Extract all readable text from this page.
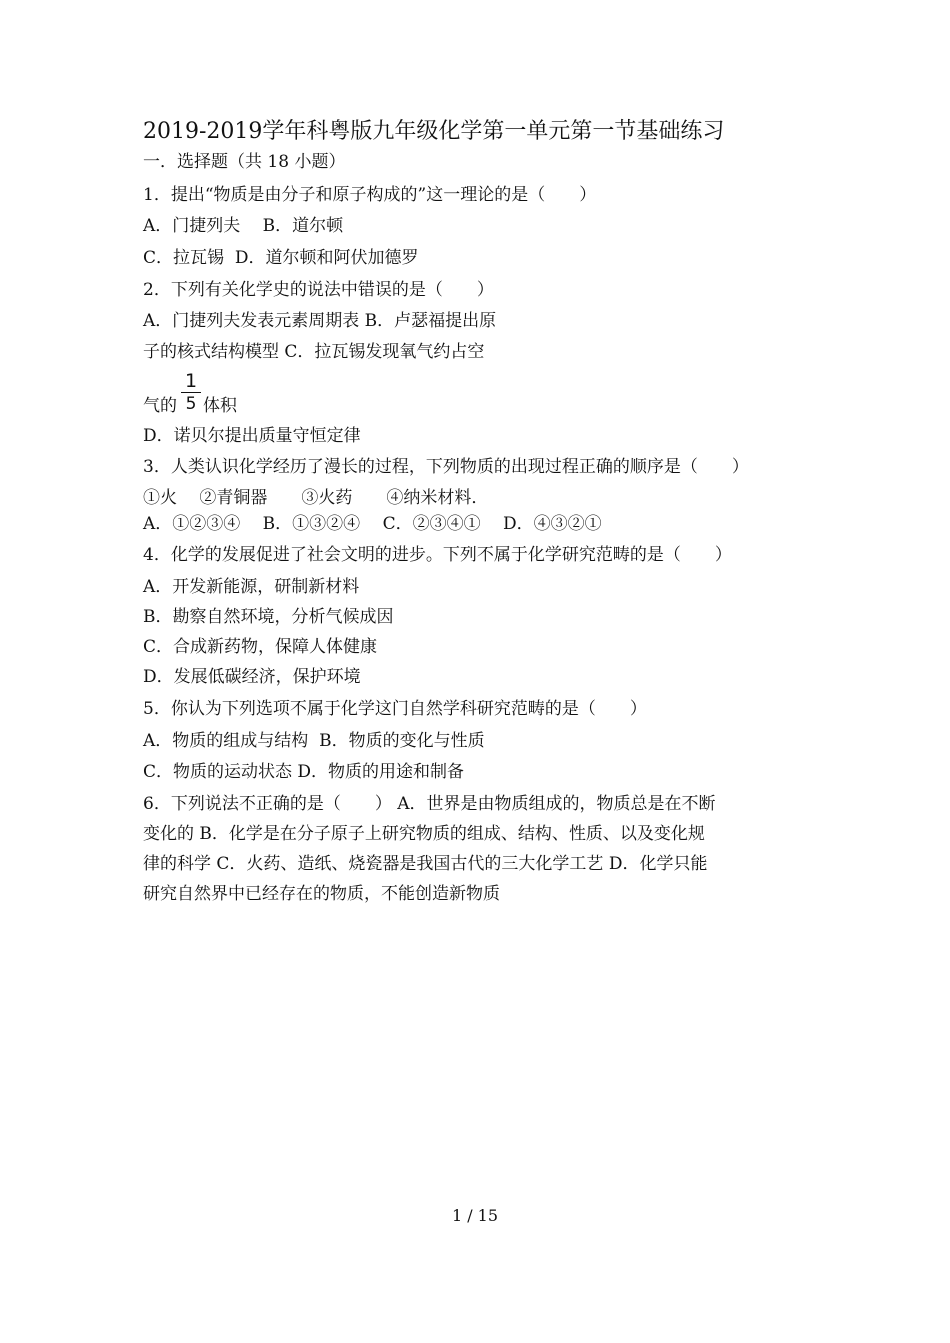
2019-2019学年科粤版九年级化学第一单元第一节基础练习
一．选择题（共 18 小题）
1．提出“物质是由分子和原子构成的”这一理论的是（　　）
A．门捷列夫　 B．道尔顿
C．拉瓦锡  D．道尔顿和阿伏加德罗
2．下列有关化学史的说法中错误的是（　　）
A．门捷列夫发表元素周期表 B．卢瑟福提出原
子的核式结构模型 C．拉瓦锡发现氧气约占空
气的 $\frac{1}{5}$ 体积
D．诺贝尔提出质量守恒定律
3．人类认识化学经历了漫长的过程，下列物质的出现过程正确的顺序是（　　）
①火　 ②青铜器　　③火药　　④纳米材料．
A．①②③④　 B．①③②④　 C．②③④①　 D．④③②①
4．化学的发展促进了社会文明的进步。下列不属于化学研究范畴的是（　　）
A．开发新能源，研制新材料
B．勘察自然环境，分析气候成因
C．合成新药物，保障人体健康
D．发展低碳经济，保护环境
5．你认为下列选项不属于化学这门自然学科研究范畴的是（　　）
A．物质的组成与结构  B．物质的变化与性质
C．物质的运动状态 D．物质的用途和制备
6．下列说法不正确的是（　　） A．世界是由物质组成的，物质总是在不断
变化的 B．化学是在分子原子上研究物质的组成、结构、性质、以及变化规
律的科学 C．火药、造纸、烧瓷器是我国古代的三大化学工艺 D．化学只能
研究自然界中已经存在的物质，不能创造新物质
1 / 15
